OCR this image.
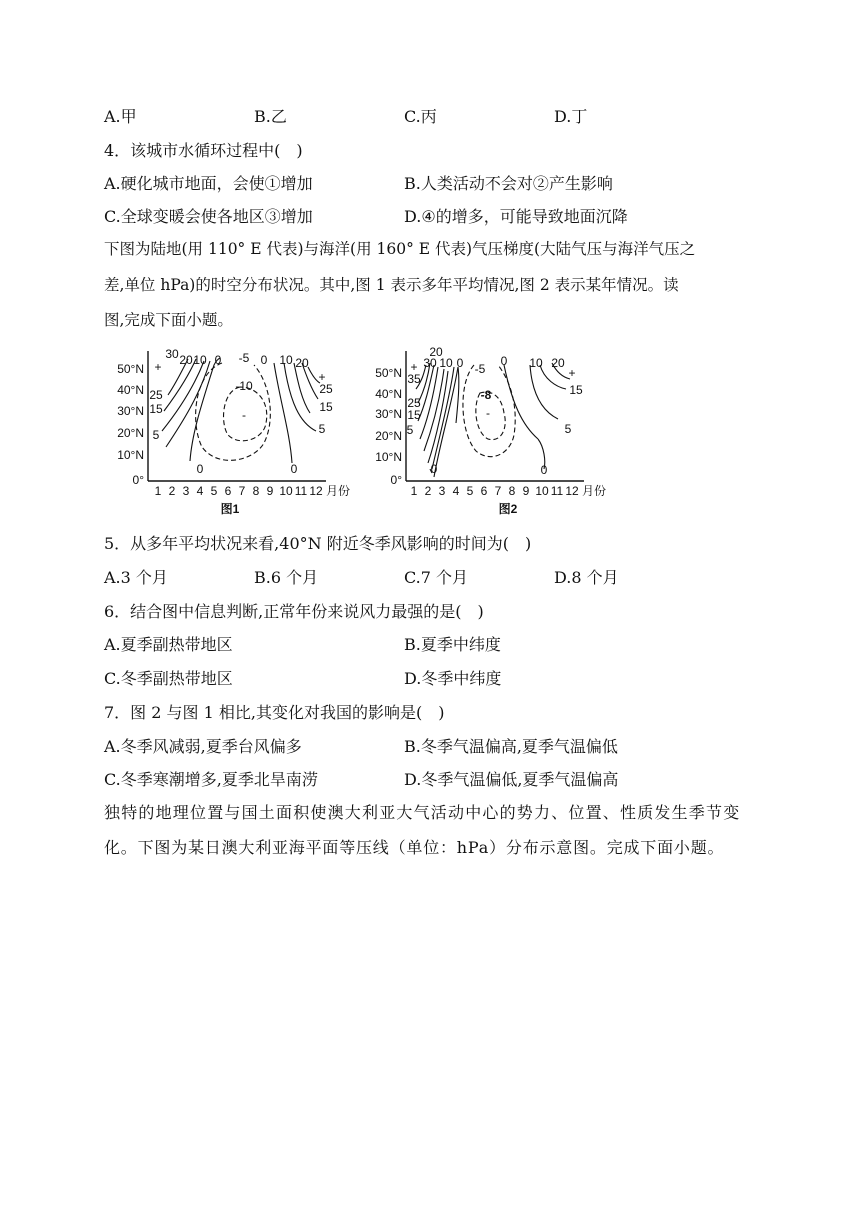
A.甲	B.乙	C.丙	D.丁
4．该城市水循环过程中(　)
A.硬化城市地面，会使①增加	B.人类活动不会对②产生影响
C.全球变暖会使各地区③增加	D.④的增多，可能导致地面沉降
下图为陆地(用 110° E 代表)与海洋(用 160° E 代表)气压梯度(大陆气压与海洋气压之
差,单位 hPa)的时空分布状况。其中,图 1 表示多年平均情况,图 2 表示某年情况。读
图,完成下面小题。
50°N
40°N
30°N
20°N
10°N
0°
1 2 3 4 5 6 7 8 9 10 11 12 月份
30 20 10 0 -5 0 10 20
+
25
15
5
-10
-
15
25
5
0	0
+
图1
50°N
40°N
30°N
20°N
10°N
0°
1 2 3 4 5 6 7 8 9 10 11 12 月份
20
30 10 0 -5
0 10 20
+
15
5
-8
-
35
25
15
5
0	0
+
图2
5．从多年平均状况来看,40°N 附近冬季风影响的时间为(　)
A.3 个月	B.6 个月	C.7 个月	D.8 个月
6．结合图中信息判断,正常年份来说风力最强的是(　)
A.夏季副热带地区	B.夏季中纬度
C.冬季副热带地区	D.冬季中纬度
7．图 2 与图 1 相比,其变化对我国的影响是(　)
A.冬季风减弱,夏季台风偏多	B.冬季气温偏高,夏季气温偏低
C.冬季寒潮增多,夏季北旱南涝	D.冬季气温偏低,夏季气温偏高
独特的地理位置与国土面积使澳大利亚大气活动中心的势力、位置、性质发生季节变
化。下图为某日澳大利亚海平面等压线（单位：hPa）分布示意图。完成下面小题。
